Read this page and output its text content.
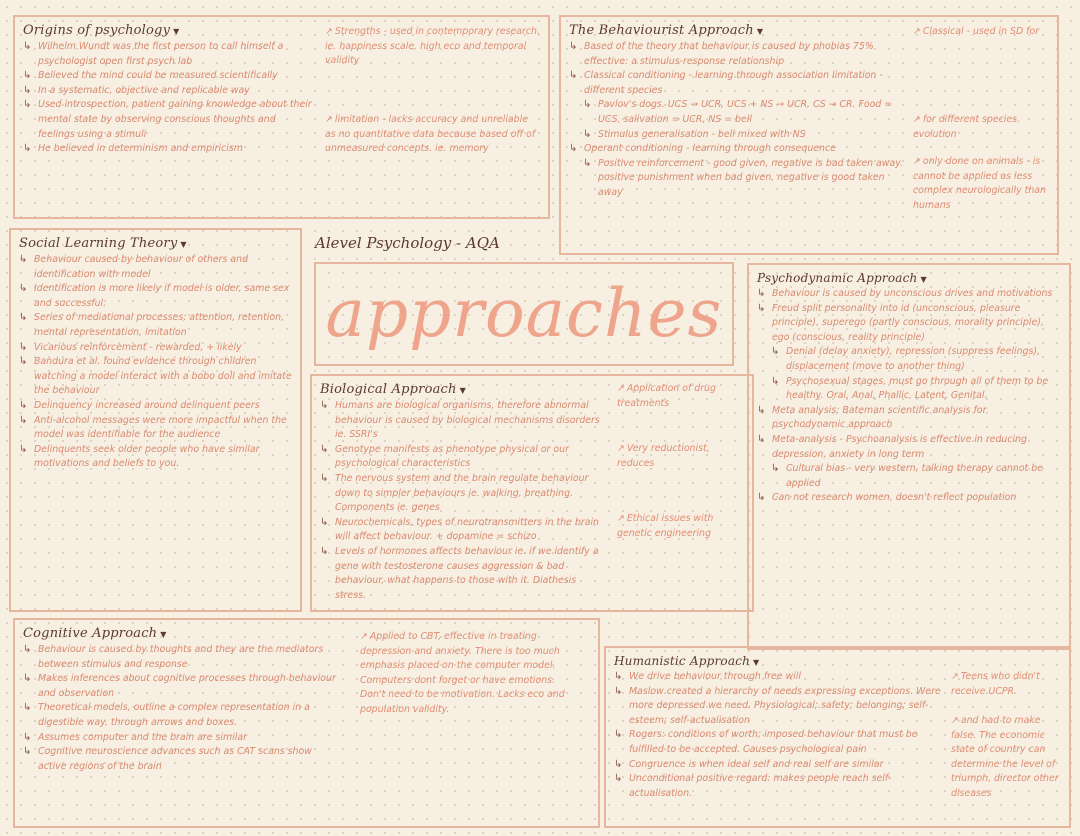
Origins of psychology ▼
↳ Wilhelm Wundt was the first person to call himself a psychologist open first psych lab
↳ Believed the mind could be measured scientifically
↳ In a systematic, objective and replicable way
↳ Used introspection, patient gaining knowledge about their mental state by observing conscious thoughts and feelings using a stimuli
↳ He believed in determinism and empiricism
↗ Strengths - used in contemporary research. ie. happiness scale. high eco and temporal validity
↗ limitation - lacks accuracy and unreliable as no quantitative data because based off of unmeasured concepts. ie. memory
The Behaviourist Approach ▼
↳ Based of the theory that behaviour is caused by phobias 75% effective: a stimulus-response relationship
↳ Classical conditioning - learning through association limitation - different species
↳ Pavlov's dogs. UCS → UCR, UCS + NS → UCR, CS → CR. Food = UCS, salivation = UCR, NS = bell
↳ Stimulus generalisation - bell mixed with NS
↳ Operant conditioning - learning through consequence
↳ Positive reinforcement - good given, negative is bad taken away. positive punishment when bad given, negative is good taken away
↗ Classical - used in SD for
↗ for different species. evolution
↗ only done on animals - is cannot be applied as less complex neurologically than humans
Alevel Psychology - AQA
approaches
Social Learning Theory ▼
↳ Behaviour caused by behaviour of others and identification with model
↳ Identification is more likely if model is older, same sex and successful.
↳ Series of mediational processes; attention, retention, mental representation, imitation
↳ Vicarious reinforcement - rewarded, + likely
↳ Bandura et al. found evidence through children watching a model interact with a bobo doll and imitate the behaviour
↳ Delinquency increased around delinquent peers
↳ Anti-alcohol messages were more impactful when the model was identifiable for the audience
↳ Delinquents seek older people who have similar motivations and beliefs to you.
Biological Approach ▼
↳ Humans are biological organisms, therefore abnormal behaviour is caused by biological mechanisms disorders ie. SSRI's
↳ Genotype manifests as phenotype physical or our psychological characteristics
↳ The nervous system and the brain regulate behaviour down to simpler behaviours ie. walking, breathing. Components ie. genes
↳ Neurochemicals, types of neurotransmitters in the brain will affect behaviour. + dopamine = schizo
↳ Levels of hormones affects behaviour ie. if we identify a gene with testosterone causes aggression & bad behaviour, what happens to those with it. Diathesis stress.
↗ Application of drug treatments
↗ Very reductionist, reduces
↗ Ethical issues with genetic engineering
Psychodynamic Approach ▼
↳ Behaviour is caused by unconscious drives and motivations
↳ Freud split personality into id (unconscious, pleasure principle), superego (partly conscious, morality principle), ego (conscious, reality principle)
↳ Denial (delay anxiety), repression (suppress feelings), displacement (move to another thing)
↳ Psychosexual stages, must go through all of them to be healthy. Oral, Anal, Phallic, Latent, Genital.
↳ Meta analysis; Bateman scientific analysis for psychodynamic approach
↳ Meta-analysis - Psychoanalysis is effective in reducing depression, anxiety in long term
↳ Cultural bias - very western, talking therapy cannot be applied
↳ Can not research women, doesn't reflect population
Cognitive Approach ▼
↳ Behaviour is caused by thoughts and they are the mediators between stimulus and response
↳ Makes inferences about cognitive processes through behaviour and observation
↳ Theoretical models, outline a complex representation in a digestible way, through arrows and boxes.
↳ Assumes computer and the brain are similar
↳ Cognitive neuroscience advances such as CAT scans show active regions of the brain
↗ Applied to CBT, effective in treating depression and anxiety. There is too much emphasis placed on the computer model. Computers dont forget or have emotions. Don't need to be motivation. Lacks eco and population validity.
Humanistic Approach ▼
↳ We drive behaviour through free will
↳ Maslow created a hierarchy of needs expressing exceptions. Were more depressed we need. Physiological; safety; belonging; self-esteem; self-actualisation
↳ Rogers: conditions of worth; imposed behaviour that must be fulfilled to be accepted. Causes psychological pain
↳ Congruence is when ideal self and real self are similar
↳ Unconditional positive regard: makes people reach self-actualisation.
↗ Teens who didn't receive UCPR
↗ and had to make false. The economic state of country can determine the level of triumph, director other diseases
